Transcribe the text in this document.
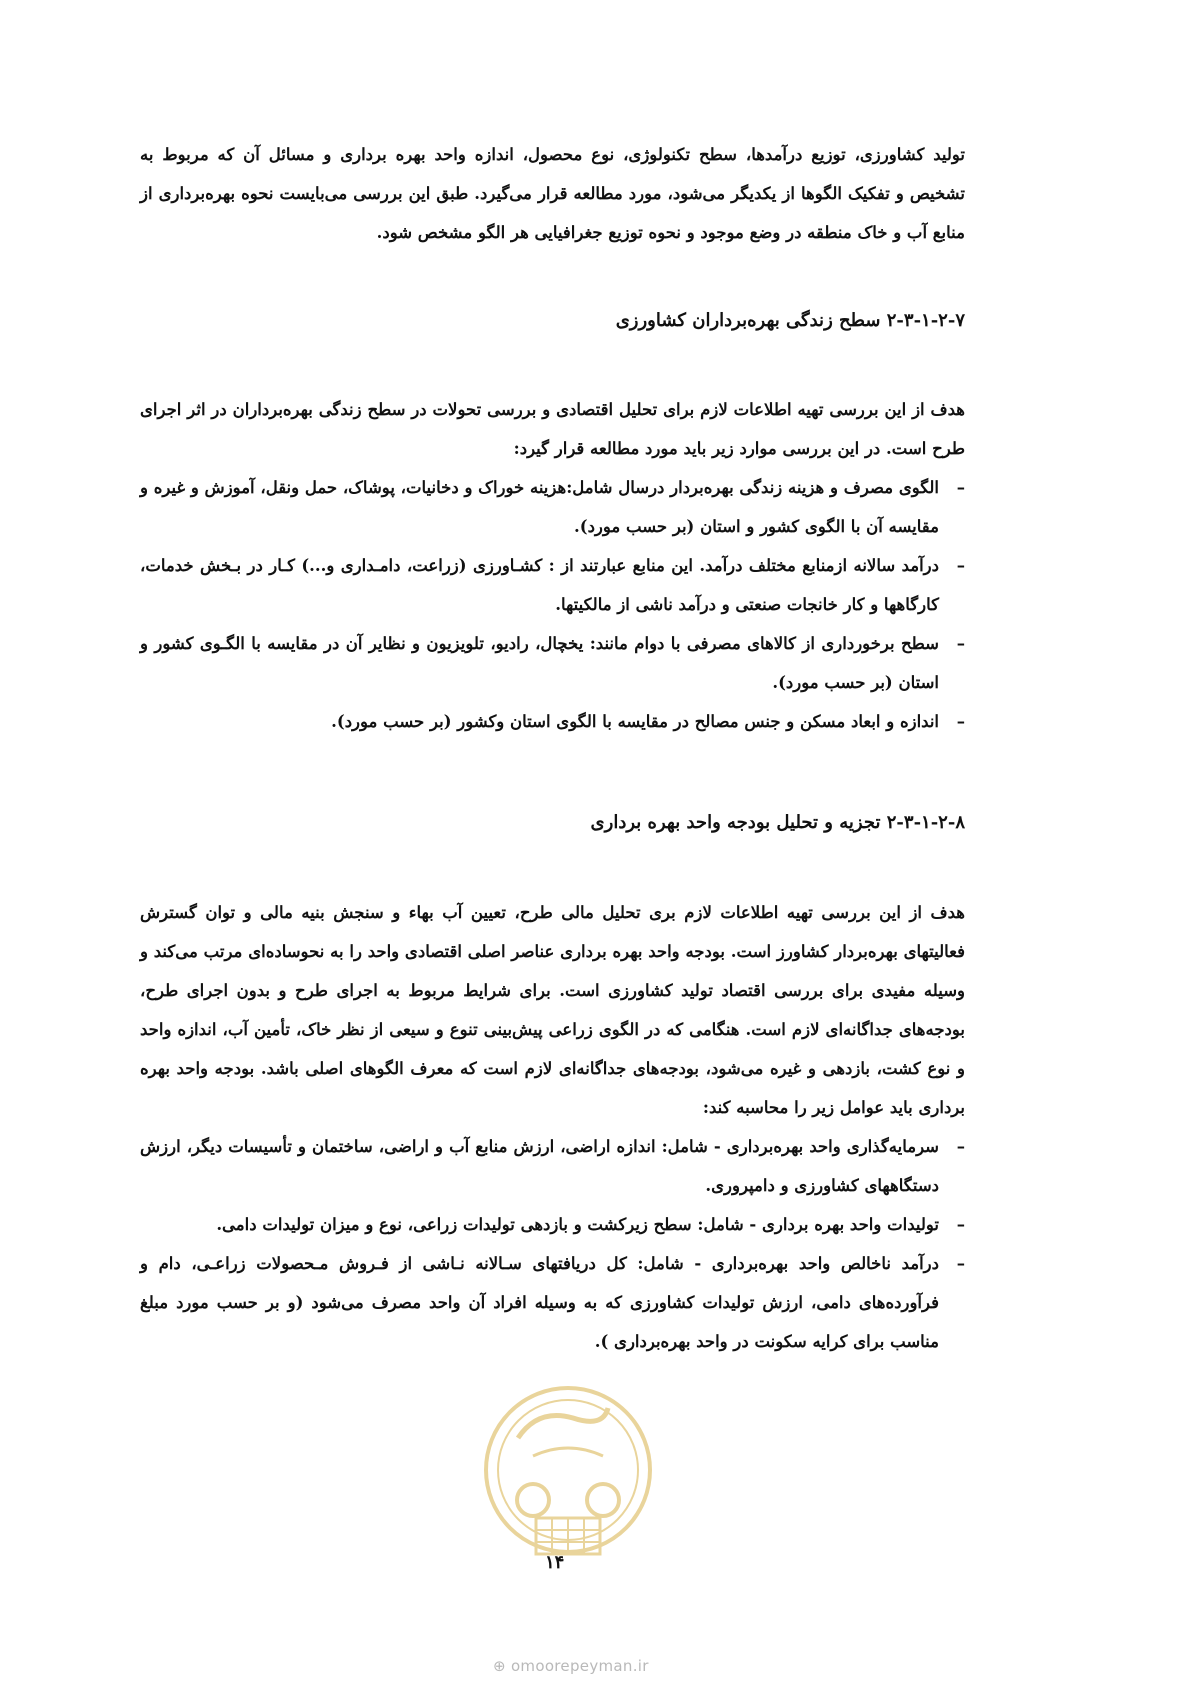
تولید کشاورزی، توزیع درآمدها، سطح تکنولوژی، نوع محصول، اندازه واحد بهره برداری و مسائل آن که مربوط به تشخیص و تفکیک الگوها از یکدیگر می‌شود، مورد مطالعه قرار می‌گیرد. طبق این بررسی می‌بایست نحوه بهره‌برداری از منابع آب و خاک منطقه در وضع موجود و نحوه توزیع جغرافیایی هر الگو مشخص شود.

۲-۳-۱-۲-۷ سطح زندگی بهره‌برداران کشاورزی

هدف از این بررسی تهیه اطلاعات لازم برای تحلیل اقتصادی و بررسی تحولات در سطح زندگی بهره‌برداران در اثر اجرای طرح است. در این بررسی موارد زیر باید مورد مطالعه قرار گیرد:

–
الگوی مصرف و هزینه زندگی بهره‌بردار درسال شامل:هزینه خوراک و دخانیات، پوشاک، حمل ونقل، آموزش و غیره و مقایسه آن با الگوی کشور و استان (بر حسب مورد).
–
درآمد سالانه ازمنابع مختلف درآمد. این منابع عبارتند از : کشـاورزی (زراعت، دامـداری و...) کـار در بـخش خدمات، کارگاهها و کار خانجات صنعتی و درآمد ناشی از مالکیتها.
–
سطح برخورداری از کالاهای مصرفی با دوام مانند: یخچال، رادیو، تلویزیون و نظایر آن در مقایسه با الگـوی کشور و استان (بر حسب مورد).
–
اندازه و ابعاد مسکن و جنس مصالح در مقایسه با الگوی استان وکشور (بر حسب مورد).
۲-۳-۱-۲-۸ تجزیه و تحلیل بودجه واحد بهره برداری

هدف از این بررسی تهیه اطلاعات لازم بری تحلیل مالی طرح، تعیین آب بهاء و سنجش بنیه مالی و توان گسترش فعالیتهای بهره‌بردار کشاورز است. بودجه واحد بهره برداری عناصر اصلی اقتصادی واحد را به نحوساده‌ای مرتب می‌کند و وسیله مفیدی برای بررسی اقتصاد تولید کشاورزی است. برای شرایط مربوط به اجرای طرح و بدون اجرای طرح، بودجه‌های جداگانه‌ای لازم است. هنگامی که در الگوی زراعی پیش‌بینی تنوع و سیعی از نظر خاک، تأمین آب، اندازه واحد و نوع کشت، بازدهی و غیره می‌شود، بودجه‌های جداگانه‌ای لازم است که معرف الگوهای اصلی باشد. بودجه واحد بهره برداری باید عوامل زیر را محاسبه کند:

–
سرمایه‌گذاری واحد بهره‌برداری - شامل: اندازه اراضی، ارزش منابع آب و اراضی، ساختمان و تأسیسات دیگر، ارزش دستگاههای کشاورزی و دامپروری.
–
تولیدات واحد بهره برداری - شامل: سطح زیرکشت و بازدهی تولیدات زراعی، نوع و میزان تولیدات دامی.
–
درآمد ناخالص واحد بهره‌برداری - شامل: کل دریافتهای سـالانه نـاشی از فـروش مـحصولات زراعـی، دام و فرآورده‌های دامی، ارزش تولیدات کشاورزی که به وسیله افراد آن واحد مصرف می‌شود (و بر حسب مورد مبلغ مناسب برای کرایه سکونت در واحد بهره‌برداری ).
۱۴
⊕ omoorepeyman.ir
